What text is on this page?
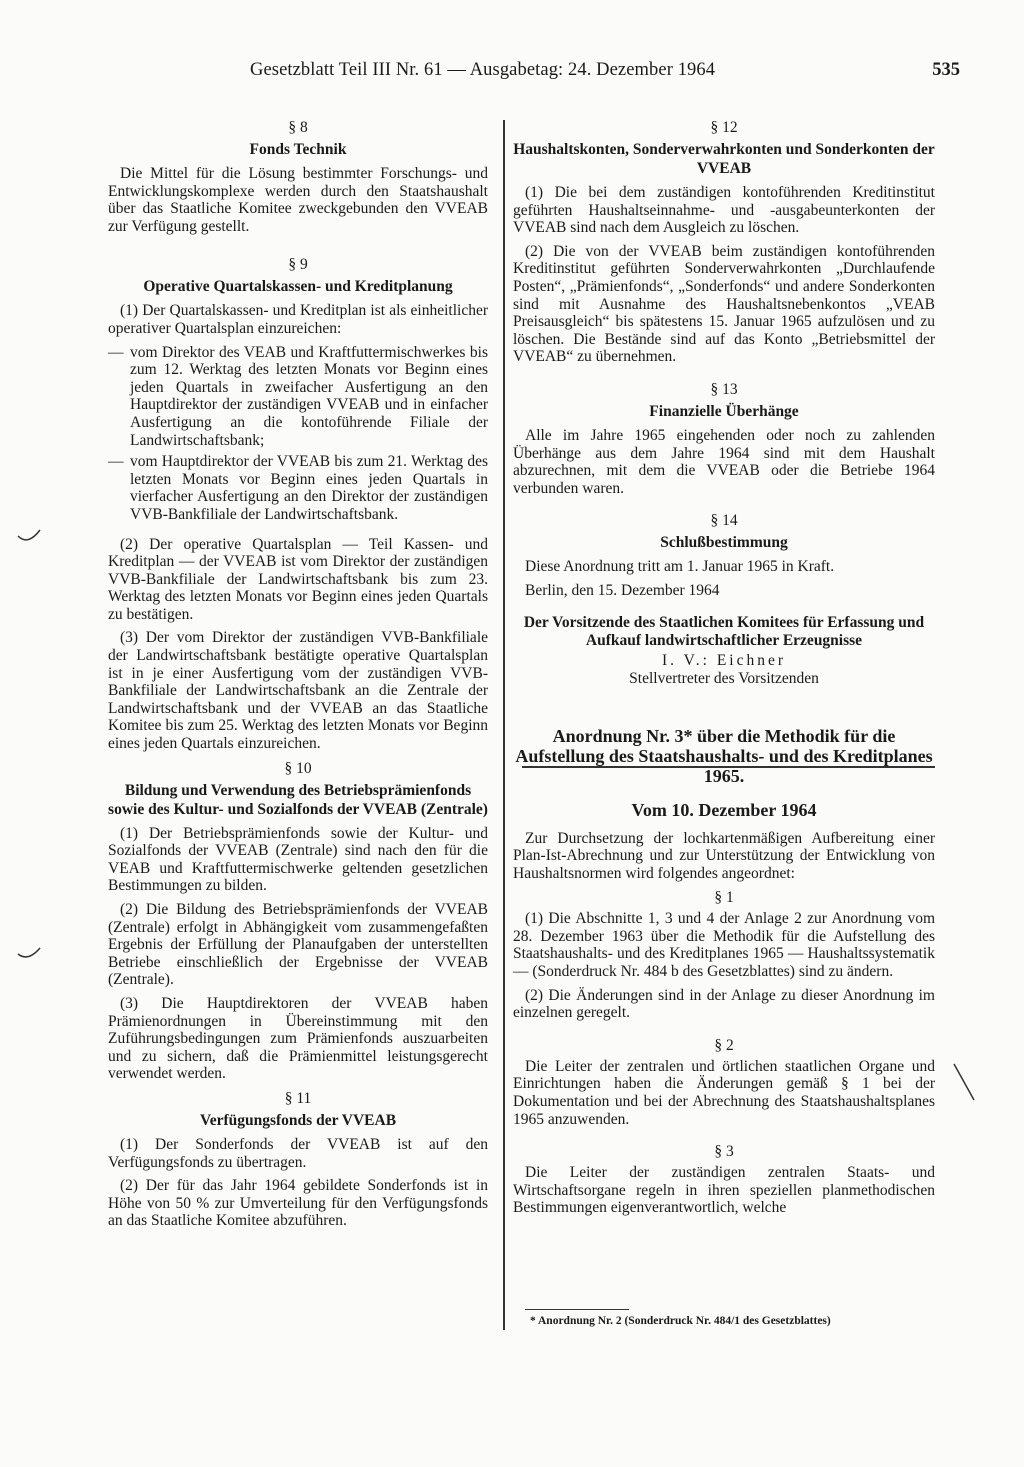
Gesetzblatt Teil III Nr. 61 — Ausgabetag: 24. Dezember 1964	535
§ 8
Fonds Technik

Die Mittel für die Lösung bestimmter Forschungs- und Entwicklungskomplexe werden durch den Staatshaushalt über das Staatliche Komitee zweckgebunden den VVEAB zur Verfügung gestellt.

§ 9
Operative Quartalskassen- und Kreditplanung

(1) Der Quartalskassen- und Kreditplan ist als einheitlicher operativer Quartalsplan einzureichen:

— vom Direktor des VEAB und Kraftfuttermischwerkes bis zum 12. Werktag des letzten Monats vor Beginn eines jeden Quartals in zweifacher Ausfertigung an den Hauptdirektor der zuständigen VVEAB und in einfacher Ausfertigung an die kontoführende Filiale der Landwirtschaftsbank;
— vom Hauptdirektor der VVEAB bis zum 21. Werktag des letzten Monats vor Beginn eines jeden Quartals in vierfacher Ausfertigung an den Direktor der zuständigen VVB-Bankfiliale der Landwirtschaftsbank.

(2) Der operative Quartalsplan — Teil Kassen- und Kreditplan — der VVEAB ist vom Direktor der zuständigen VVB-Bankfiliale der Landwirtschaftsbank bis zum 23. Werktag des letzten Monats vor Beginn eines jeden Quartals zu bestätigen.

(3) Der vom Direktor der zuständigen VVB-Bankfiliale der Landwirtschaftsbank bestätigte operative Quartalsplan ist in je einer Ausfertigung vom der zuständigen VVB-Bankfiliale der Landwirtschaftsbank an die Zentrale der Landwirtschaftsbank und der VVEAB an das Staatliche Komitee bis zum 25. Werktag des letzten Monats vor Beginn eines jeden Quartals einzureichen.

§ 10
Bildung und Verwendung des Betriebsprämienfonds sowie des Kultur- und Sozialfonds der VVEAB (Zentrale)

(1) Der Betriebsprämienfonds sowie der Kultur- und Sozialfonds der VVEAB (Zentrale) sind nach den für die VEAB und Kraftfuttermischwerke geltenden gesetzlichen Bestimmungen zu bilden.

(2) Die Bildung des Betriebsprämienfonds der VVEAB (Zentrale) erfolgt in Abhängigkeit vom zusammengefaßten Ergebnis der Erfüllung der Planaufgaben der unterstellten Betriebe einschließlich der Ergebnisse der VVEAB (Zentrale).

(3) Die Hauptdirektoren der VVEAB haben Prämienordnungen in Übereinstimmung mit den Zuführungsbedingungen zum Prämienfonds auszuarbeiten und zu sichern, daß die Prämienmittel leistungsgerecht verwendet werden.

§ 11
Verfügungsfonds der VVEAB

(1) Der Sonderfonds der VVEAB ist auf den Verfügungsfonds zu übertragen.

(2) Der für das Jahr 1964 gebildete Sonderfonds ist in Höhe von 50 % zur Umverteilung für den Verfügungsfonds an das Staatliche Komitee abzuführen.

§ 12
Haushaltskonten, Sonderverwahrkonten und Sonderkonten der VVEAB

(1) Die bei dem zuständigen kontoführenden Kreditinstitut geführten Haushaltseinnahme- und -ausgabeunterkonten der VVEAB sind nach dem Ausgleich zu löschen.

(2) Die von der VVEAB beim zuständigen kontoführenden Kreditinstitut geführten Sonderverwahrkonten „Durchlaufende Posten“, „Prämienfonds“, „Sonderfonds“ und andere Sonderkonten sind mit Ausnahme des Haushaltsnebenkontos „VEAB Preisausgleich“ bis spätestens 15. Januar 1965 aufzulösen und zu löschen. Die Bestände sind auf das Konto „Betriebsmittel der VVEAB“ zu übernehmen.

§ 13
Finanzielle Überhänge

Alle im Jahre 1965 eingehenden oder noch zu zahlenden Überhänge aus dem Jahre 1964 sind mit dem Haushalt abzurechnen, mit dem die VVEAB oder die Betriebe 1964 verbunden waren.

§ 14
Schlußbestimmung

Diese Anordnung tritt am 1. Januar 1965 in Kraft.

Berlin, den 15. Dezember 1964

Der Vorsitzende des Staatlichen Komitees für Erfassung und Aufkauf landwirtschaftlicher Erzeugnisse
I. V.: Eichner
Stellvertreter des Vorsitzenden
Anordnung Nr. 3* über die Methodik für die Aufstellung des Staatshaushalts- und des Kreditplanes 1965.
Vom 10. Dezember 1964

Zur Durchsetzung der lochkartenmäßigen Aufbereitung einer Plan-Ist-Abrechnung und zur Unterstützung der Entwicklung von Haushaltsnormen wird folgendes angeordnet:

§ 1

(1) Die Abschnitte 1, 3 und 4 der Anlage 2 zur Anordnung vom 28. Dezember 1963 über die Methodik für die Aufstellung des Staatshaushalts- und des Kreditplanes 1965 — Haushaltssystematik — (Sonderdruck Nr. 484 b des Gesetzblattes) sind zu ändern.

(2) Die Änderungen sind in der Anlage zu dieser Anordnung im einzelnen geregelt.

§ 2

Die Leiter der zentralen und örtlichen staatlichen Organe und Einrichtungen haben die Änderungen gemäß § 1 bei der Dokumentation und bei der Abrechnung des Staatshaushaltsplanes 1965 anzuwenden.

§ 3

Die Leiter der zuständigen zentralen Staats- und Wirtschaftsorgane regeln in ihren speziellen planmethodischen Bestimmungen eigenverantwortlich, welche

* Anordnung Nr. 2 (Sonderdruck Nr. 484/1 des Gesetzblattes)
